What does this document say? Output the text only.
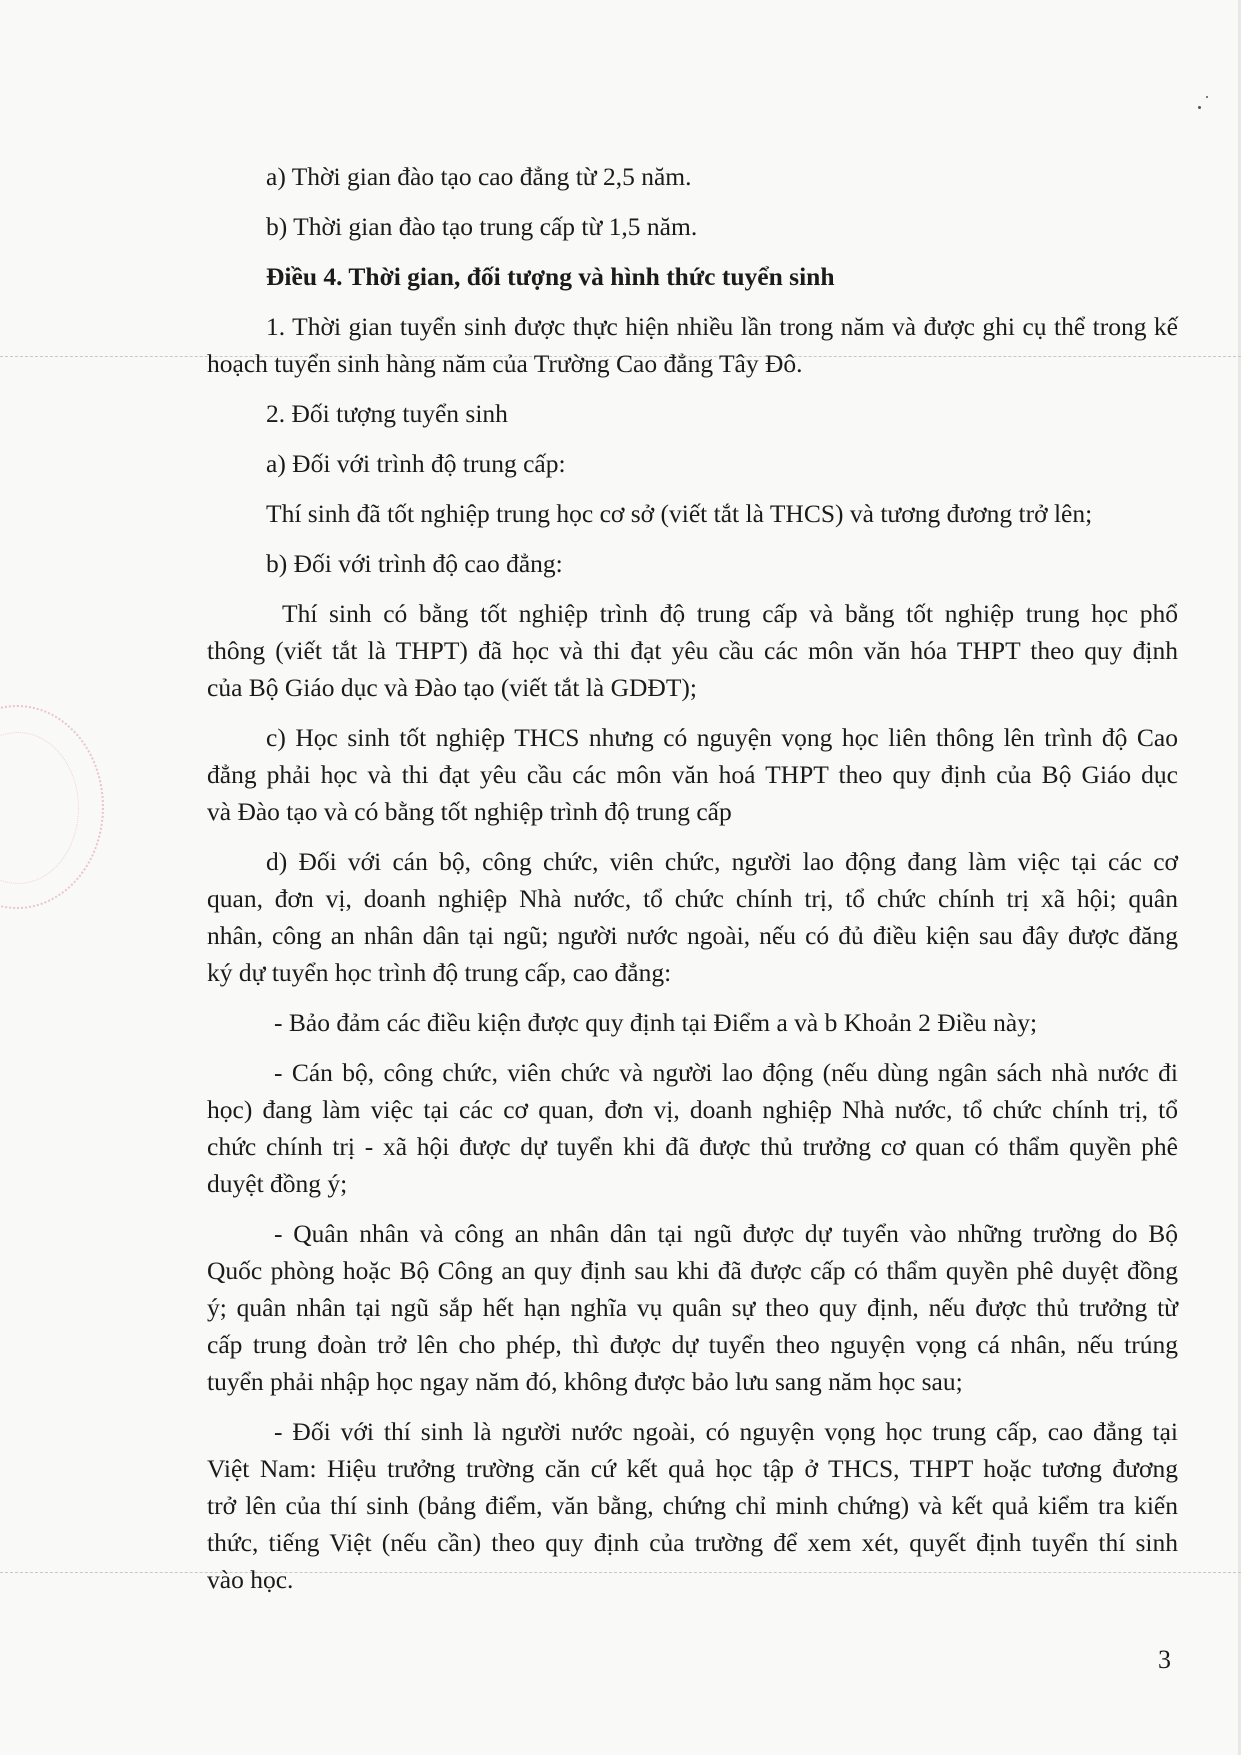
a) Thời gian đào tạo cao đẳng từ 2,5 năm.
b) Thời gian đào tạo trung cấp từ 1,5 năm.
Điều 4. Thời gian, đối tượng và hình thức tuyển sinh
1. Thời gian tuyển sinh được thực hiện nhiều lần trong năm và được ghi cụ thể trong kế
hoạch tuyển sinh hàng năm của Trường Cao đẳng Tây Đô.
2. Đối tượng tuyển sinh
a) Đối với trình độ trung cấp:
Thí sinh đã tốt nghiệp trung học cơ sở (viết tắt là THCS) và tương đương trở lên;
b) Đối với trình độ cao đẳng:
Thí sinh có bằng tốt nghiệp trình độ trung cấp và bằng tốt nghiệp trung học phổ
thông (viết tắt là THPT) đã học và thi đạt yêu cầu các môn văn hóa THPT theo quy định
của Bộ Giáo dục và Đào tạo (viết tắt là GDĐT);
c) Học sinh tốt nghiệp THCS nhưng có nguyện vọng học liên thông lên trình độ Cao
đẳng phải học và thi đạt yêu cầu các môn văn hoá THPT theo quy định của Bộ Giáo dục
và Đào tạo và có bằng tốt nghiệp trình độ trung cấp
d) Đối với cán bộ, công chức, viên chức, người lao động đang làm việc tại các cơ
quan, đơn vị, doanh nghiệp Nhà nước, tổ chức chính trị, tổ chức chính trị xã hội; quân
nhân, công an nhân dân tại ngũ; người nước ngoài, nếu có đủ điều kiện sau đây được đăng
ký dự tuyển học trình độ trung cấp, cao đẳng:
- Bảo đảm các điều kiện được quy định tại Điểm a và b Khoản 2 Điều này;
- Cán bộ, công chức, viên chức và người lao động (nếu dùng ngân sách nhà nước đi
học) đang làm việc tại các cơ quan, đơn vị, doanh nghiệp Nhà nước, tổ chức chính trị, tổ
chức chính trị - xã hội được dự tuyển khi đã được thủ trưởng cơ quan có thẩm quyền phê
duyệt đồng ý;
- Quân nhân và công an nhân dân tại ngũ được dự tuyển vào những trường do Bộ
Quốc phòng hoặc Bộ Công an quy định sau khi đã được cấp có thẩm quyền phê duyệt đồng
ý; quân nhân tại ngũ sắp hết hạn nghĩa vụ quân sự theo quy định, nếu được thủ trưởng từ
cấp trung đoàn trở lên cho phép, thì được dự tuyển theo nguyện vọng cá nhân, nếu trúng
tuyển phải nhập học ngay năm đó, không được bảo lưu sang năm học sau;
- Đối với thí sinh là người nước ngoài, có nguyện vọng học trung cấp, cao đẳng tại
Việt Nam: Hiệu trưởng trường căn cứ kết quả học tập ở THCS, THPT hoặc tương đương
trở lên của thí sinh (bảng điểm, văn bằng, chứng chỉ minh chứng) và kết quả kiểm tra kiến
thức, tiếng Việt (nếu cần) theo quy định của trường để xem xét, quyết định tuyển thí sinh
vào học.
3
